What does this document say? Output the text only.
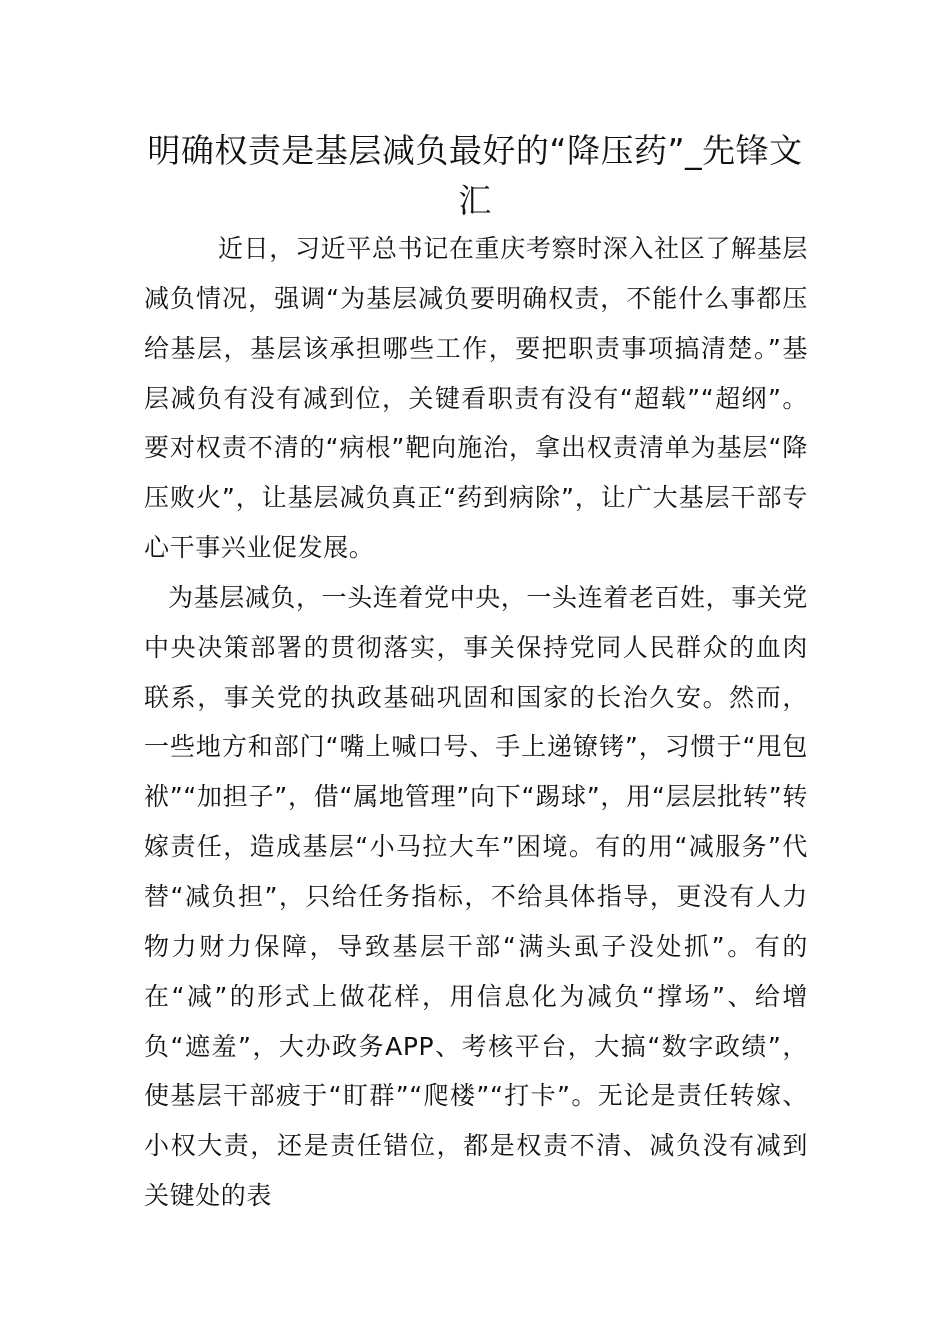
明确权责是基层减负最好的“降压药”_先锋文汇

近日，习近平总书记在重庆考察时深入社区了解基层减负情况，强调“为基层减负要明确权责，不能什么事都压给基层，基层该承担哪些工作，要把职责事项搞清楚。”基层减负有没有减到位，关键看职责有没有“超载”“超纲”。要对权责不清的“病根”靶向施治，拿出权责清单为基层“降压败火”，让基层减负真正“药到病除”，让广大基层干部专心干事兴业促发展。

为基层减负，一头连着党中央，一头连着老百姓，事关党中央决策部署的贯彻落实，事关保持党同人民群众的血肉联系，事关党的执政基础巩固和国家的长治久安。然而，一些地方和部门“嘴上喊口号、手上递镣铐”，习惯于“甩包袱”“加担子”，借“属地管理”向下“踢球”，用“层层批转”转嫁责任，造成基层“小马拉大车”困境。有的用“减服务”代替“减负担”，只给任务指标，不给具体指导，更没有人力物力财力保障，导致基层干部“满头虱子没处抓”。有的在“减”的形式上做花样，用信息化为减负“撑场”、给增负“遮羞”，大办政务APP、考核平台，大搞“数字政绩”，使基层干部疲于“盯群”“爬楼”“打卡”。无论是责任转嫁、小权大责，还是责任错位，都是权责不清、减负没有减到关键处的表
